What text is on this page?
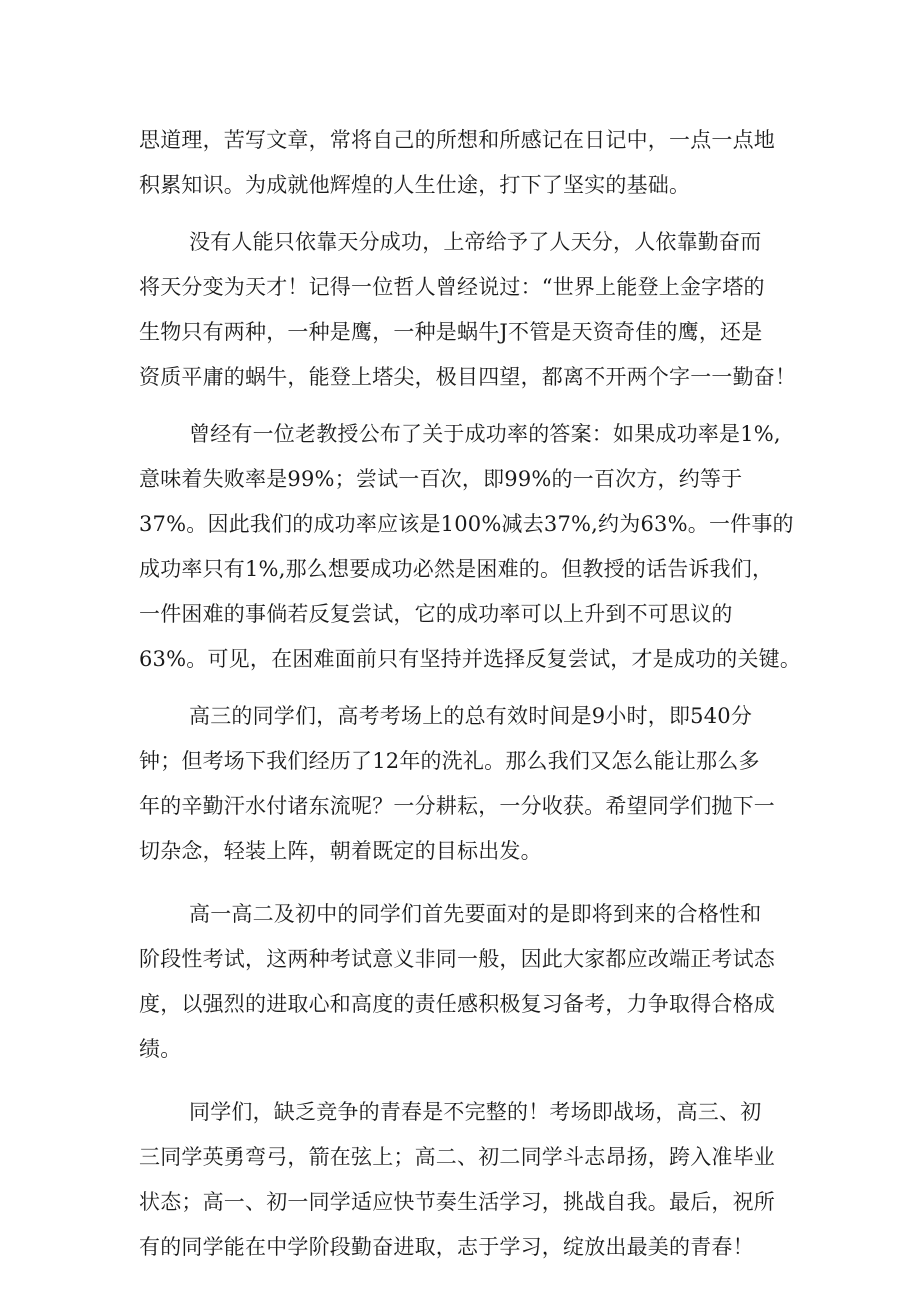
思道理，苦写文章，常将自己的所想和所感记在日记中，一点一点地
积累知识。为成就他辉煌的人生仕途，打下了坚实的基础。
没有人能只依靠天分成功，上帝给予了人天分，人依靠勤奋而
将天分变为天才！记得一位哲人曾经说过：“世界上能登上金字塔的
生物只有两种，一种是鹰，一种是蜗牛J不管是天资奇佳的鹰，还是
资质平庸的蜗牛，能登上塔尖，极目四望，都离不开两个字一一勤奋！
曾经有一位老教授公布了关于成功率的答案：如果成功率是1%,
意味着失败率是99%；尝试一百次，即99%的一百次方，约等于
37%。因此我们的成功率应该是100%减去37%,约为63%。一件事的
成功率只有1%,那么想要成功必然是困难的。但教授的话告诉我们，
一件困难的事倘若反复尝试，它的成功率可以上升到不可思议的
63%。可见，在困难面前只有坚持并选择反复尝试，才是成功的关键。
高三的同学们，高考考场上的总有效时间是9小时，即540分
钟；但考场下我们经历了12年的洗礼。那么我们又怎么能让那么多
年的辛勤汗水付诸东流呢？一分耕耘，一分收获。希望同学们抛下一
切杂念，轻装上阵，朝着既定的目标出发。
高一高二及初中的同学们首先要面对的是即将到来的合格性和
阶段性考试，这两种考试意义非同一般，因此大家都应改端正考试态
度，以强烈的进取心和高度的责任感积极复习备考，力争取得合格成
绩。
同学们，缺乏竞争的青春是不完整的！考场即战场，高三、初
三同学英勇弯弓，箭在弦上；高二、初二同学斗志昂扬，跨入准毕业
状态；高一、初一同学适应快节奏生活学习，挑战自我。最后，祝所
有的同学能在中学阶段勤奋进取，志于学习，绽放出最美的青春！
